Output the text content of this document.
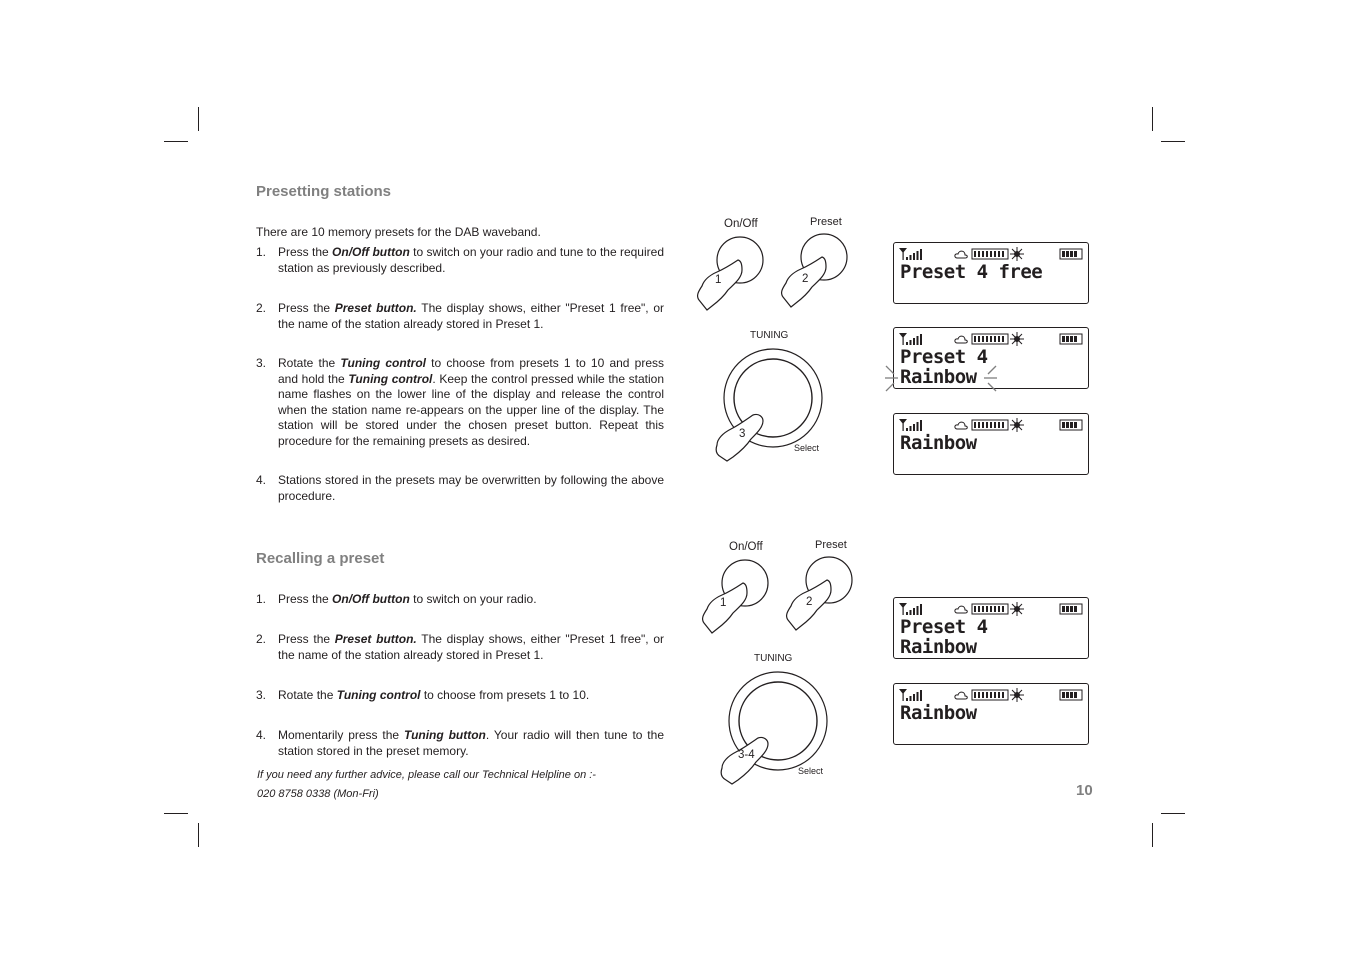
Presetting stations

There are 10 memory presets for the DAB waveband.

1. Press the On/Off button to switch on your radio and tune to the required station as previously described.
2. Press the Preset button. The display shows, either "Preset 1 free", or the name of the station already stored in Preset 1.
3. Rotate the Tuning control to choose from presets 1 to 10 and press and hold the Tuning control. Keep the control pressed while the station name flashes on the lower line of the display and release the control when the station name re-appears on the upper line of the display. The station will be stored under the chosen preset button. Repeat this procedure for the remaining presets as desired.
4. Stations stored in the presets may be overwritten by following the above procedure.
Recalling a preset
1. Press the On/Off button to switch on your radio.
2. Press the Preset button. The display shows, either "Preset 1 free", or the name of the station already stored in Preset 1.
3. Rotate the Tuning control to choose from presets 1 to 10.
4. Momentarily press the Tuning button. Your radio will then tune to the station stored in the preset memory.
If you need any further advice, please call our Technical Helpline on :-
020 8758 0338 (Mon-Fri)	10
On/Off	Preset
1	2
TUNING
3
Select
Preset 4 free
Preset 4
Rainbow
Rainbow
On/Off	Preset
1	2
TUNING
3-4
Select
Preset 4
Rainbow
Rainbow
